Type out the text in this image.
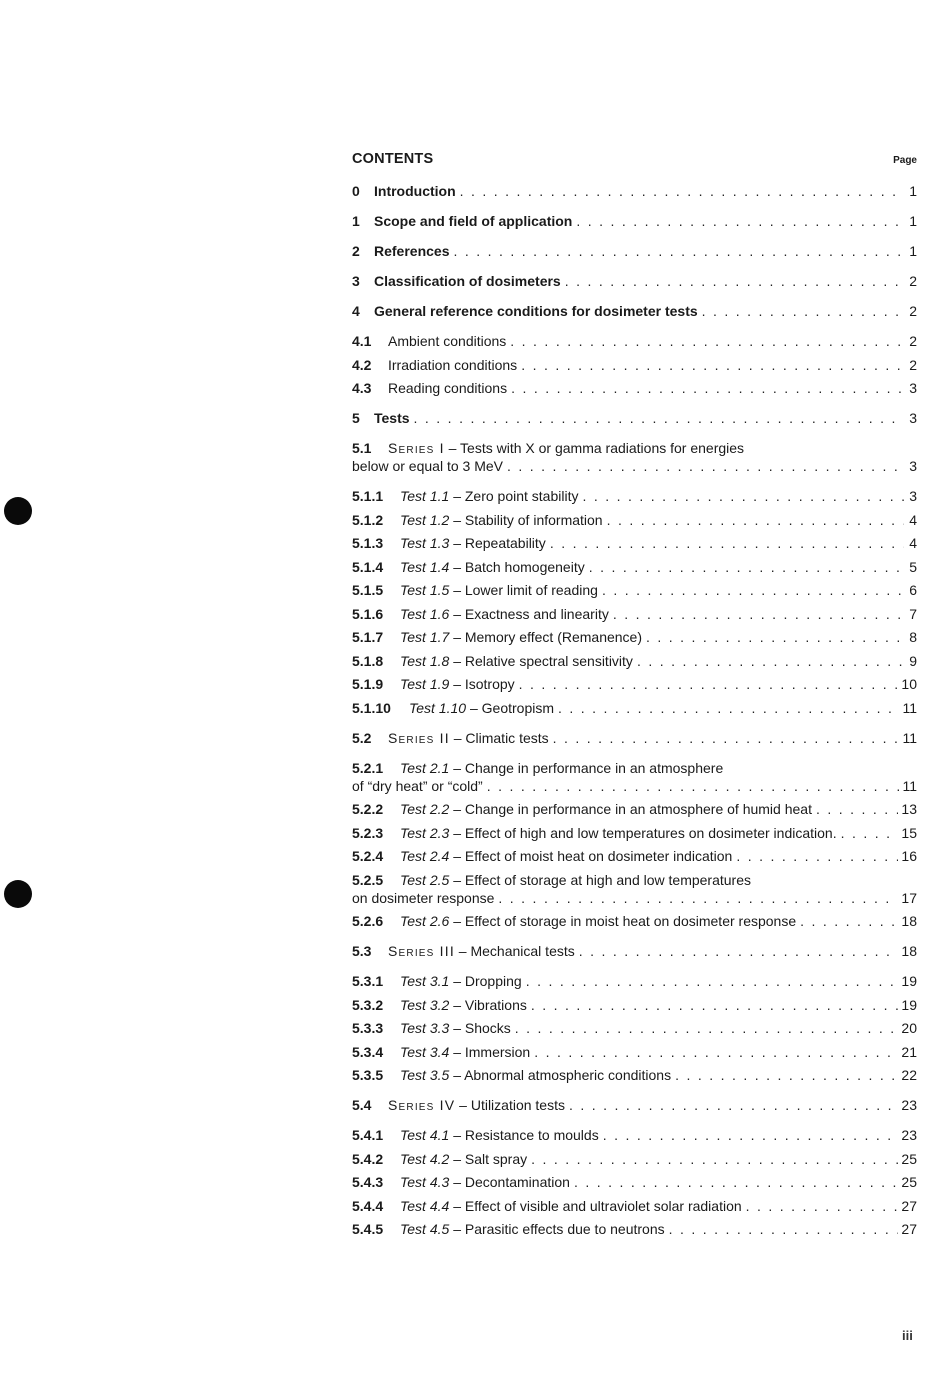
CONTENTS	Page
0	Introduction . . .	1
1	Scope and field of application . . .	1
2	References . . .	1
3	Classification of dosimeters . . .	2
4	General reference conditions for dosimeter tests . . .	2
4.1	Ambient conditions . . .	2
4.2	Irradiation conditions . . .	2
4.3	Reading conditions . . .	3
5	Tests . . .	3
5.1	Series I
– Tests with X or gamma radiations for energies
below or equal to 3 MeV . . .	3
5.1.1	Test 1.1 – Zero point stability . . .	3
5.1.2	Test 1.2 – Stability of information . . .	4
5.1.3	Test 1.3 – Repeatability . . .	4
5.1.4	Test 1.4 – Batch homogeneity . . .	5
5.1.5	Test 1.5 – Lower limit of reading . . .	6
5.1.6	Test 1.6 – Exactness and linearity . . .	7
5.1.7	Test 1.7 – Memory effect (Remanence) . . .	8
5.1.8	Test 1.8 – Relative spectral sensitivity . . .	9
5.1.9	Test 1.9 – Isotropy . . .	10
5.1.10	Test 1.10 – Geotropism . . .	11
5.2	Series II – Climatic tests . . .	11
5.2.1	Test 2.1
– Change in performance in an atmosphere
of “dry heat” or “cold” . . .	11
5.2.2	Test 2.2 – Change in performance in an atmosphere of humid heat . . .	13
5.2.3	Test 2.3 – Effect of high and low temperatures on dosimeter indication. . . .	15
5.2.4	Test 2.4 – Effect of moist heat on dosimeter indication . . .	16
5.2.5	Test 2.5
– Effect of storage at high and low temperatures
on dosimeter response . . .	17
5.2.6	Test 2.6 – Effect of storage in moist heat on dosimeter response . . .	18
5.3	Series III – Mechanical tests . . .	18
5.3.1	Test 3.1 – Dropping . . .	19
5.3.2	Test 3.2 – Vibrations . . .	19
5.3.3	Test 3.3 – Shocks . . .	20
5.3.4	Test 3.4 – Immersion . . .	21
5.3.5	Test 3.5 – Abnormal atmospheric conditions . . .	22
5.4	Series IV – Utilization tests . . .	23
5.4.1	Test 4.1 – Resistance to moulds . . .	23
5.4.2	Test 4.2 – Salt spray . . .	25
5.4.3	Test 4.3 – Decontamination . . .	25
5.4.4	Test 4.4 – Effect of visible and ultraviolet solar radiation . . .	27
5.4.5	Test 4.5 – Parasitic effects due to neutrons . . .	27
iii
